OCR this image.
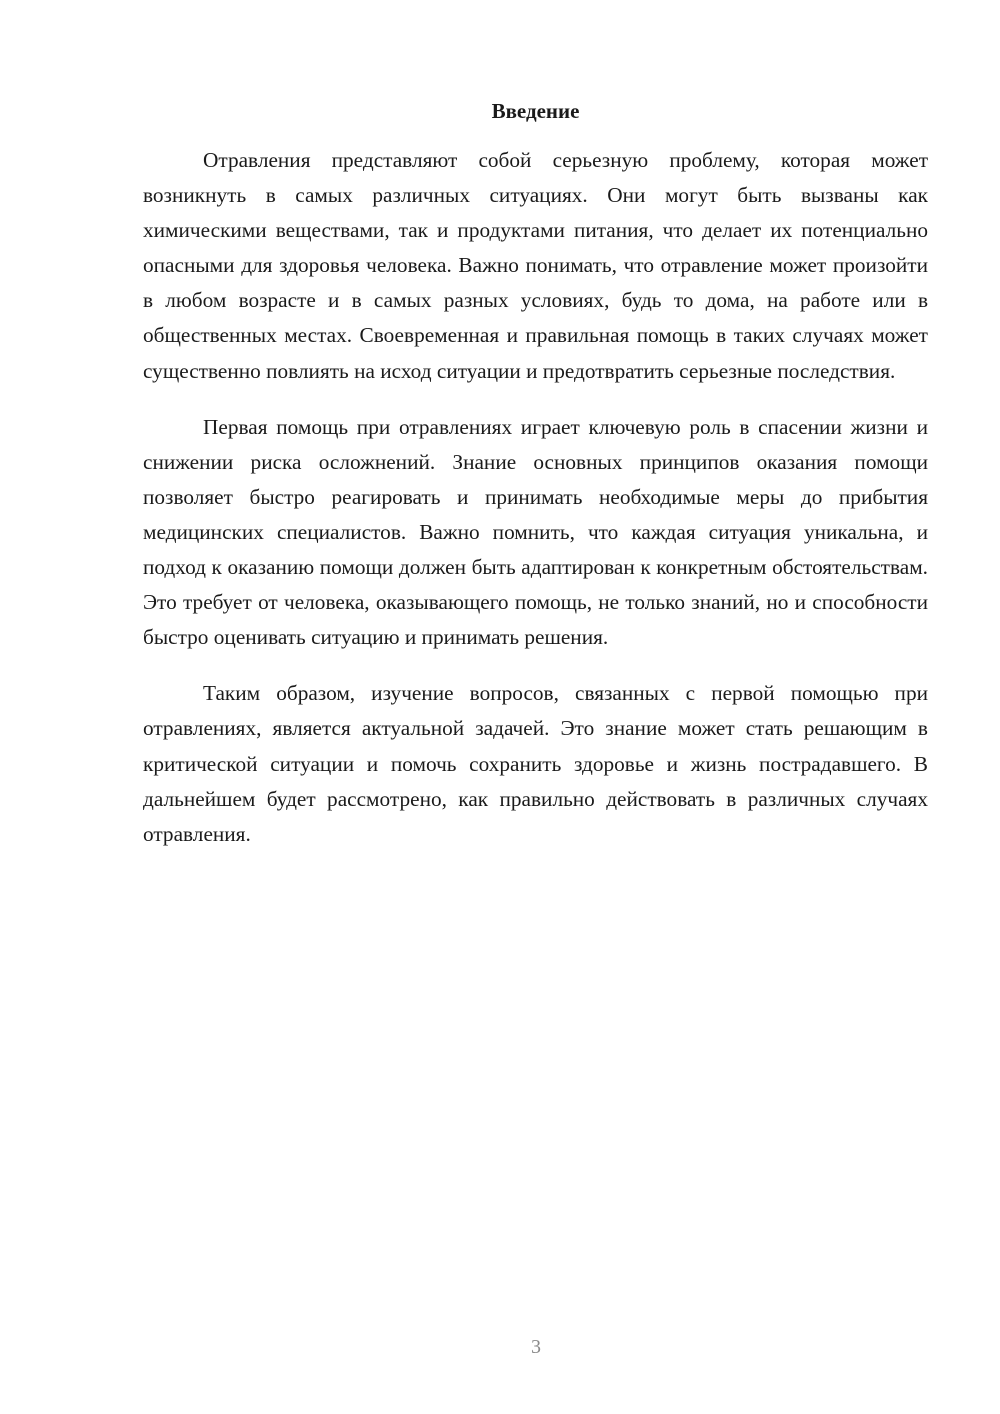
Введение

Отравления представляют собой серьезную проблему, которая может возникнуть в самых различных ситуациях. Они могут быть вызваны как химическими веществами, так и продуктами питания, что делает их потенциально опасными для здоровья человека. Важно понимать, что отравление может произойти в любом возрасте и в самых разных условиях, будь то дома, на работе или в общественных местах. Своевременная и правильная помощь в таких случаях может существенно повлиять на исход ситуации и предотвратить серьезные последствия.

Первая помощь при отравлениях играет ключевую роль в спасении жизни и снижении риска осложнений. Знание основных принципов оказания помощи позволяет быстро реагировать и принимать необходимые меры до прибытия медицинских специалистов. Важно помнить, что каждая ситуация уникальна, и подход к оказанию помощи должен быть адаптирован к конкретным обстоятельствам. Это требует от человека, оказывающего помощь, не только знаний, но и способности быстро оценивать ситуацию и принимать решения.

Таким образом, изучение вопросов, связанных с первой помощью при отравлениях, является актуальной задачей. Это знание может стать решающим в критической ситуации и помочь сохранить здоровье и жизнь пострадавшего. В дальнейшем будет рассмотрено, как правильно действовать в различных случаях отравления.

3
